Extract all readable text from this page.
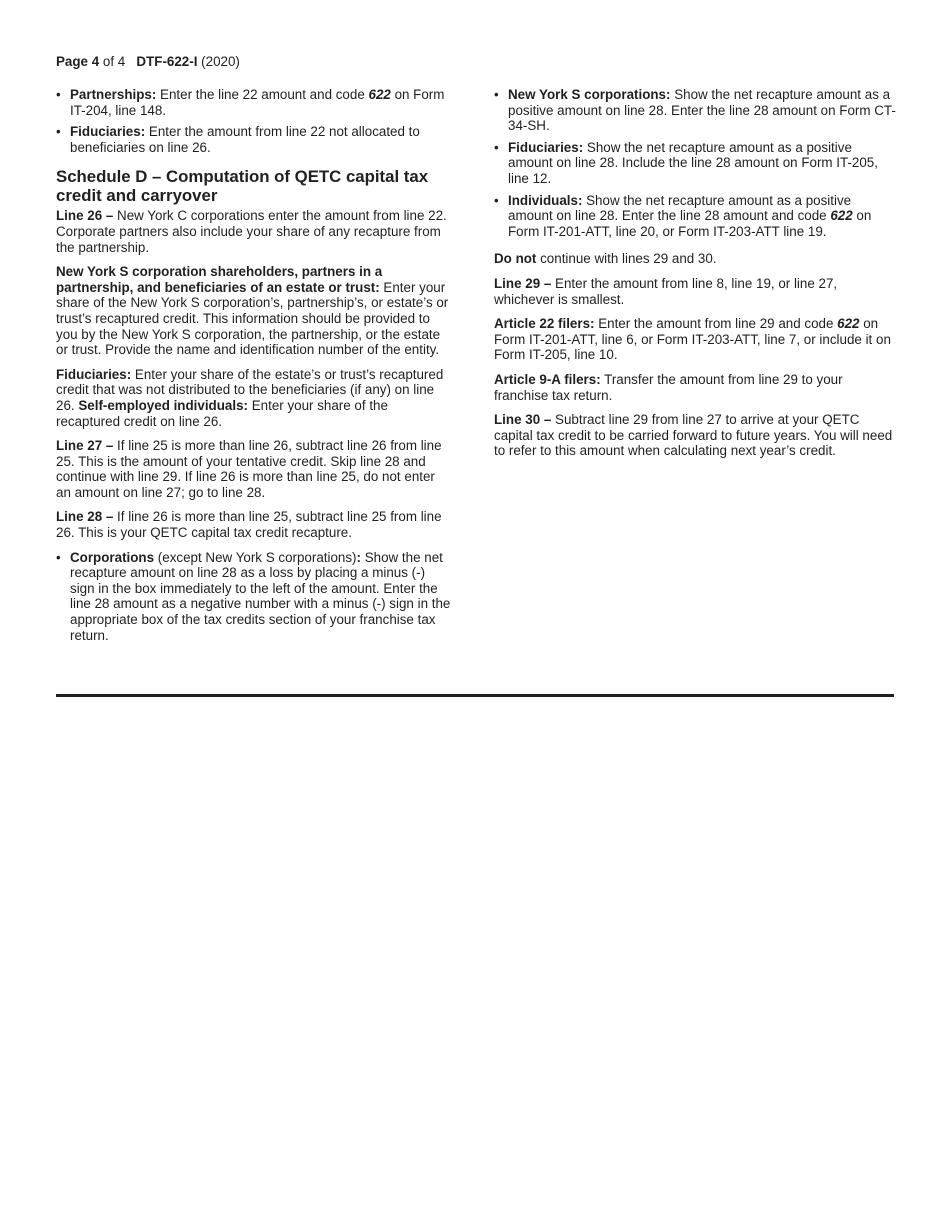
Page 4 of 4 DTF-622-I (2020)
• Partnerships: Enter the line 22 amount and code 622 on Form IT-204, line 148.
• Fiduciaries: Enter the amount from line 22 not allocated to beneficiaries on line 26.
Schedule D – Computation of QETC capital tax credit and carryover

Line 26 – New York C corporations enter the amount from line 22. Corporate partners also include your share of any recapture from the partnership.

New York S corporation shareholders, partners in a partnership, and beneficiaries of an estate or trust: Enter your share of the New York S corporation’s, partnership’s, or estate’s or trust’s recaptured credit. This information should be provided to you by the New York S corporation, the partnership, or the estate or trust. Provide the name and identification number of the entity.

Fiduciaries: Enter your share of the estate’s or trust’s recaptured credit that was not distributed to the beneficiaries (if any) on line 26. Self-employed individuals: Enter your share of the recaptured credit on line 26.

Line 27 – If line 25 is more than line 26, subtract line 26 from line 25. This is the amount of your tentative credit. Skip line 28 and continue with line 29. If line 26 is more than line 25, do not enter an amount on line 27; go to line 28.

Line 28 – If line 26 is more than line 25, subtract line 25 from line 26. This is your QETC capital tax credit recapture.

• Corporations (except New York S corporations): Show the net recapture amount on line 28 as a loss by placing a minus (-) sign in the box immediately to the left of the amount. Enter the line 28 amount as a negative number with a minus (-) sign in the appropriate box of the tax credits section of your franchise tax return.
• New York S corporations: Show the net recapture amount as a positive amount on line 28. Enter the line 28 amount on Form CT-34-SH.
• Fiduciaries: Show the net recapture amount as a positive amount on line 28. Include the line 28 amount on Form IT-205, line 12.
• Individuals: Show the net recapture amount as a positive amount on line 28. Enter the line 28 amount and code 622 on Form IT-201-ATT, line 20, or Form IT-203-ATT line 19.

Do not continue with lines 29 and 30.

Line 29 – Enter the amount from line 8, line 19, or line 27, whichever is smallest.

Article 22 filers: Enter the amount from line 29 and code 622 on Form IT-201-ATT, line 6, or Form IT-203-ATT, line 7, or include it on Form IT-205, line 10.

Article 9-A filers: Transfer the amount from line 29 to your franchise tax return.

Line 30 – Subtract line 29 from line 27 to arrive at your QETC capital tax credit to be carried forward to future years. You will need to refer to this amount when calculating next year’s credit.
